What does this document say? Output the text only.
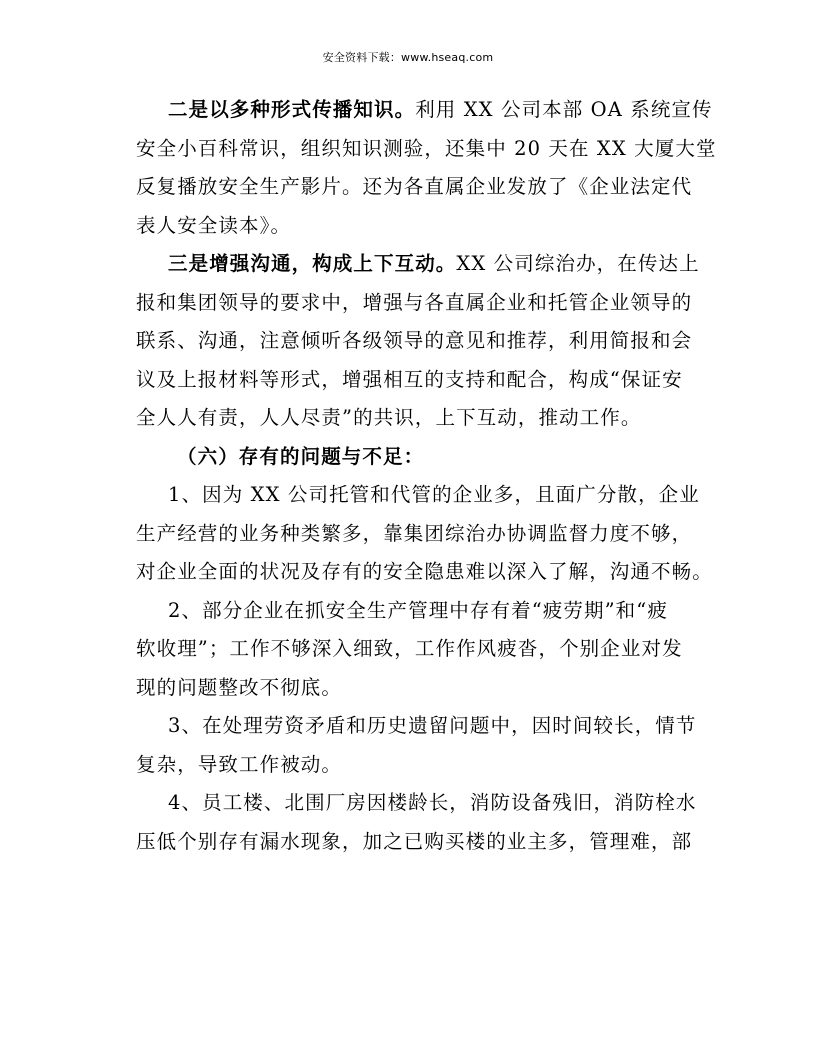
安全资料下载：www.hseaq.com

二是以多种形式传播知识。利用 XX 公司本部 OA 系统宣传
安全小百科常识，组织知识测验，还集中 20 天在 XX 大厦大堂
反复播放安全生产影片。还为各直属企业发放了《企业法定代
表人安全读本》。

三是增强沟通，构成上下互动。XX 公司综治办，在传达上
报和集团领导的要求中，增强与各直属企业和托管企业领导的
联系、沟通，注意倾听各级领导的意见和推荐，利用简报和会
议及上报材料等形式，增强相互的支持和配合，构成“保证安
全人人有责，人人尽责”的共识，上下互动，推动工作。

（六）存有的问题与不足：

1、因为 XX 公司托管和代管的企业多，且面广分散，企业
生产经营的业务种类繁多，靠集团综治办协调监督力度不够，
对企业全面的状况及存有的安全隐患难以深入了解，沟通不畅。

2、部分企业在抓安全生产管理中存有着“疲劳期”和“疲
软收理”；工作不够深入细致，工作作风疲沓，个别企业对发
现的问题整改不彻底。

3、在处理劳资矛盾和历史遗留问题中，因时间较长，情节
复杂，导致工作被动。

4、员工楼、北围厂房因楼龄长，消防设备残旧，消防栓水
压低个别存有漏水现象，加之已购买楼的业主多，管理难，部
